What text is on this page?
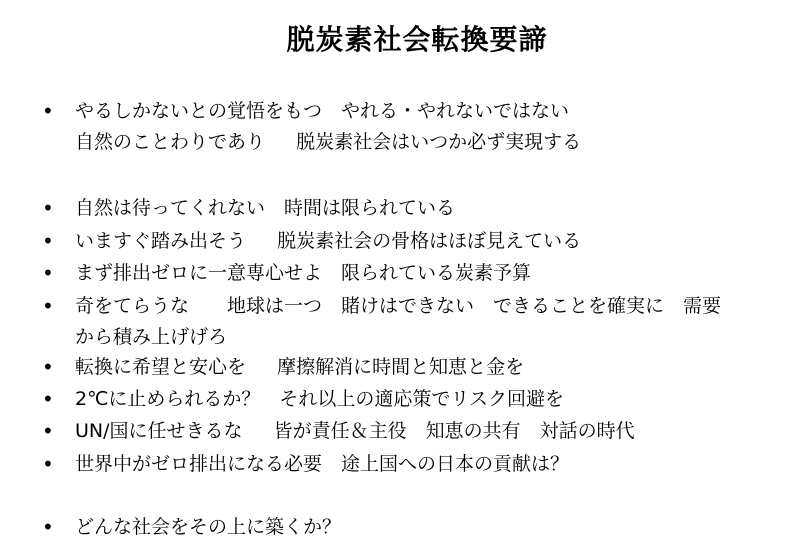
脱炭素社会転換要諦
• やるしかないとの覚悟をもつ　やれる・やれないではない
自然のことわりであり　  脱炭素社会はいつか必ず実現する
• 自然は待ってくれない　時間は限られている
• いますぐ踏み出そう　  脱炭素社会の骨格はほぼ見えている
• まず排出ゼロに一意専心せよ　限られている炭素予算
• 奇をてらうな　　地球は一つ　賭けはできない　できることを確実に　需要
から積み上げげろ
• 転換に希望と安心を　  摩擦解消に時間と知恵と金を
• 2℃に止められるか？　それ以上の適応策でリスク回避を
• UN/国に任せきるな　  皆が責任＆主役　知恵の共有　対話の時代
• 世界中がゼロ排出になる必要　途上国への日本の貢献は？
• どんな社会をその上に築くか？
